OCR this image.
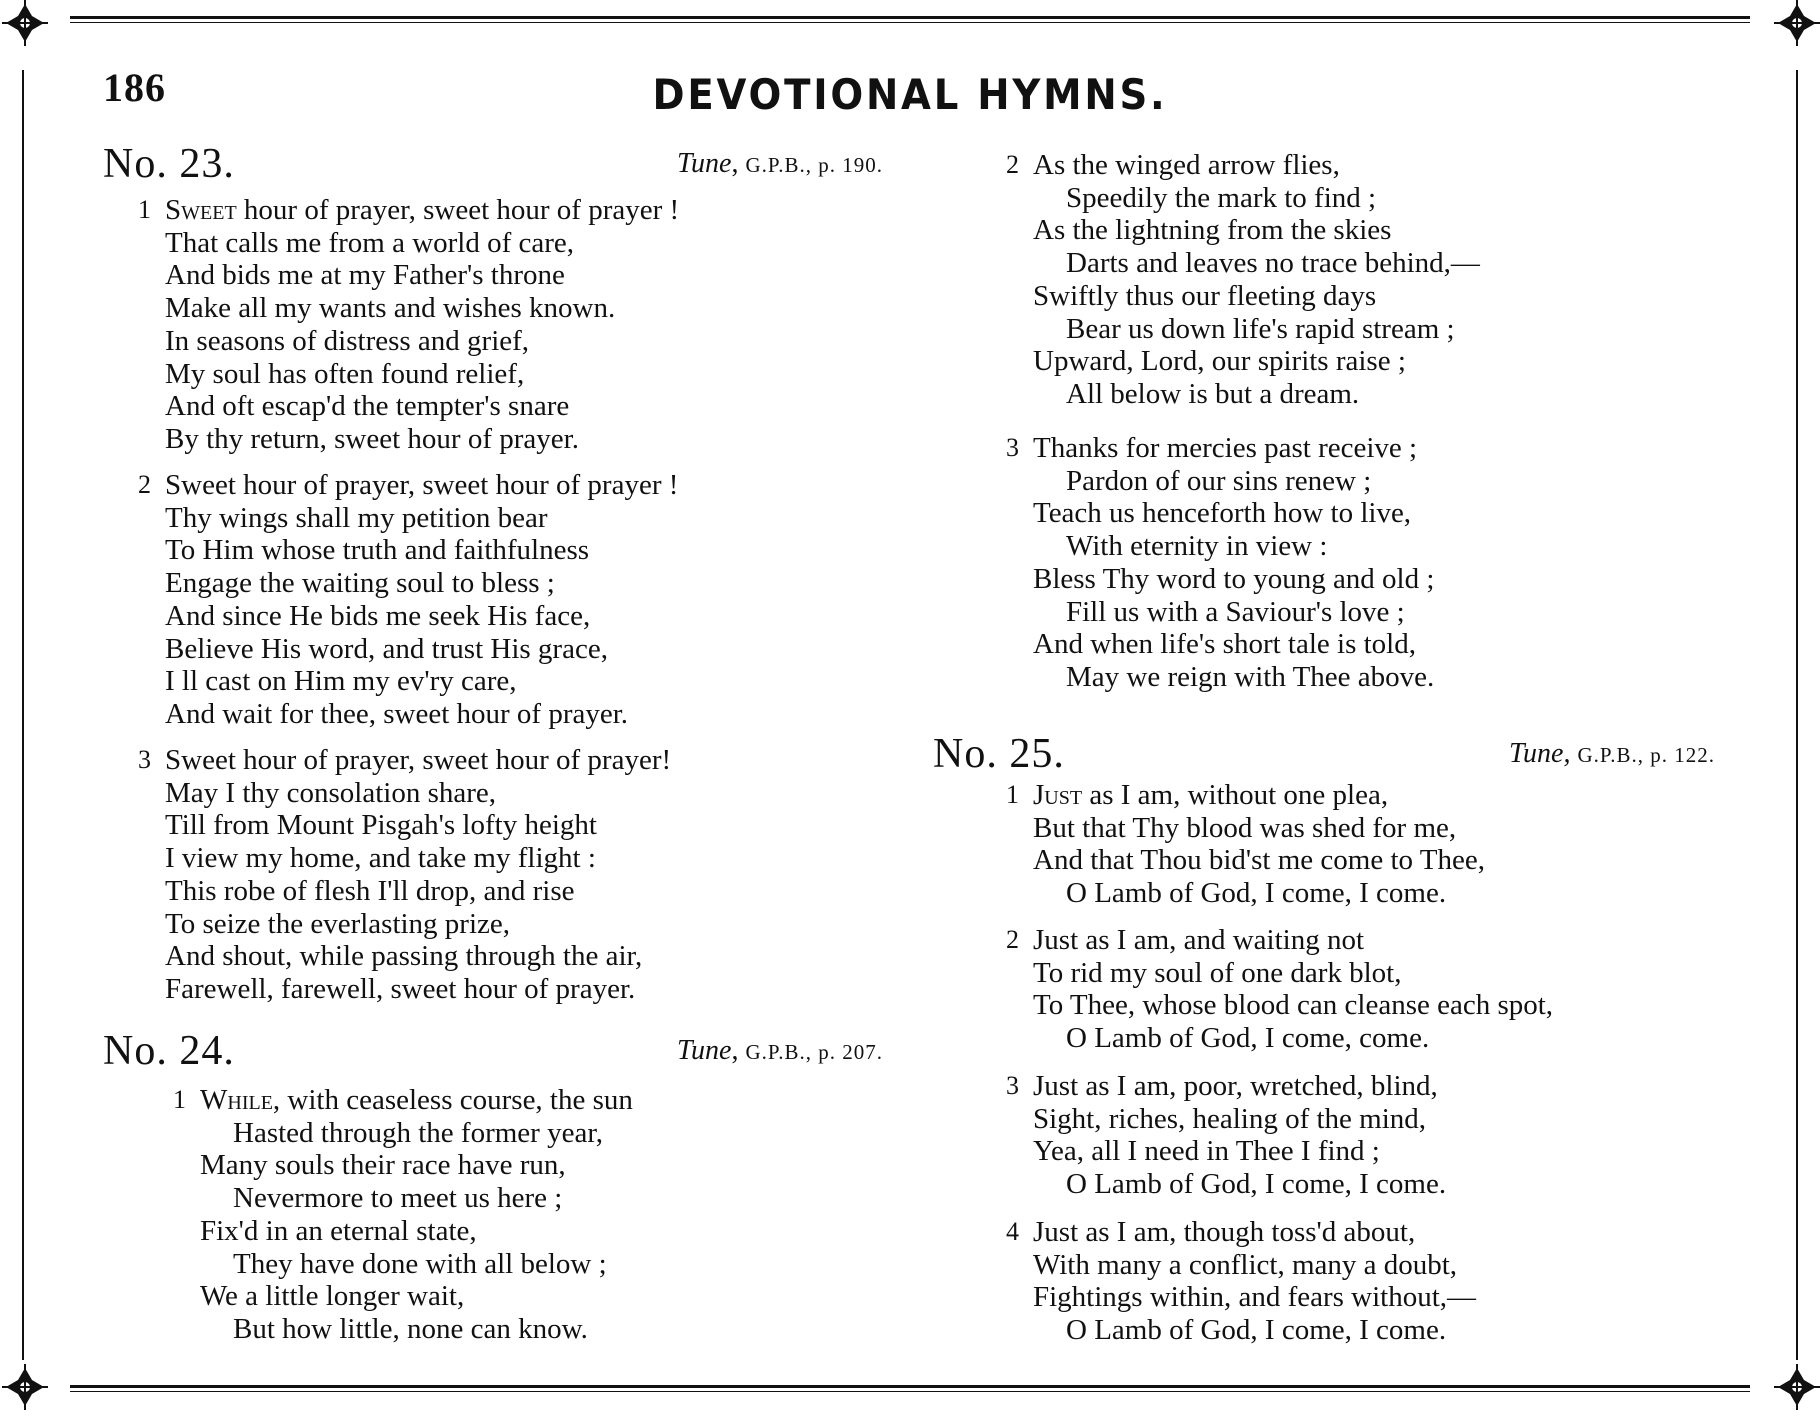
186	DEVOTIONAL HYMNS.
No. 23.	Tune, G.P.B., p. 190.
1 Sweet hour of prayer, sweet hour of prayer !
That calls me from a world of care,
And bids me at my Father's throne
Make all my wants and wishes known.
In seasons of distress and grief,
My soul has often found relief,
And oft escap'd the tempter's snare
By thy return, sweet hour of prayer.
2 Sweet hour of prayer, sweet hour of prayer !
Thy wings shall my petition bear
To Him whose truth and faithfulness
Engage the waiting soul to bless ;
And since He bids me seek His face,
Believe His word, and trust His grace,
I ll cast on Him my ev'ry care,
And wait for thee, sweet hour of prayer.
3 Sweet hour of prayer, sweet hour of prayer!
May I thy consolation share,
Till from Mount Pisgah's lofty height
I view my home, and take my flight :
This robe of flesh I'll drop, and rise
To seize the everlasting prize,
And shout, while passing through the air,
Farewell, farewell, sweet hour of prayer.
No. 24.	Tune, G.P.B., p. 207.
1 While, with ceaseless course, the sun
Hasted through the former year,
Many souls their race have run,
Nevermore to meet us here ;
Fix'd in an eternal state,
They have done with all below ;
We a little longer wait,
But how little, none can know.
2 As the winged arrow flies,
Speedily the mark to find ;
As the lightning from the skies
Darts and leaves no trace behind,—
Swiftly thus our fleeting days
Bear us down life's rapid stream ;
Upward, Lord, our spirits raise ;
All below is but a dream.
3 Thanks for mercies past receive ;
Pardon of our sins renew ;
Teach us henceforth how to live,
With eternity in view :
Bless Thy word to young and old ;
Fill us with a Saviour's love ;
And when life's short tale is told,
May we reign with Thee above.
No. 25.	Tune, G.P.B., p. 122.
1 Just as I am, without one plea,
But that Thy blood was shed for me,
And that Thou bid'st me come to Thee,
O Lamb of God, I come, I come.
2 Just as I am, and waiting not
To rid my soul of one dark blot,
To Thee, whose blood can cleanse each spot,
O Lamb of God, I come, come.
3 Just as I am, poor, wretched, blind,
Sight, riches, healing of the mind,
Yea, all I need in Thee I find ;
O Lamb of God, I come, I come.
4 Just as I am, though toss'd about,
With many a conflict, many a doubt,
Fightings within, and fears without,—
O Lamb of God, I come, I come.
